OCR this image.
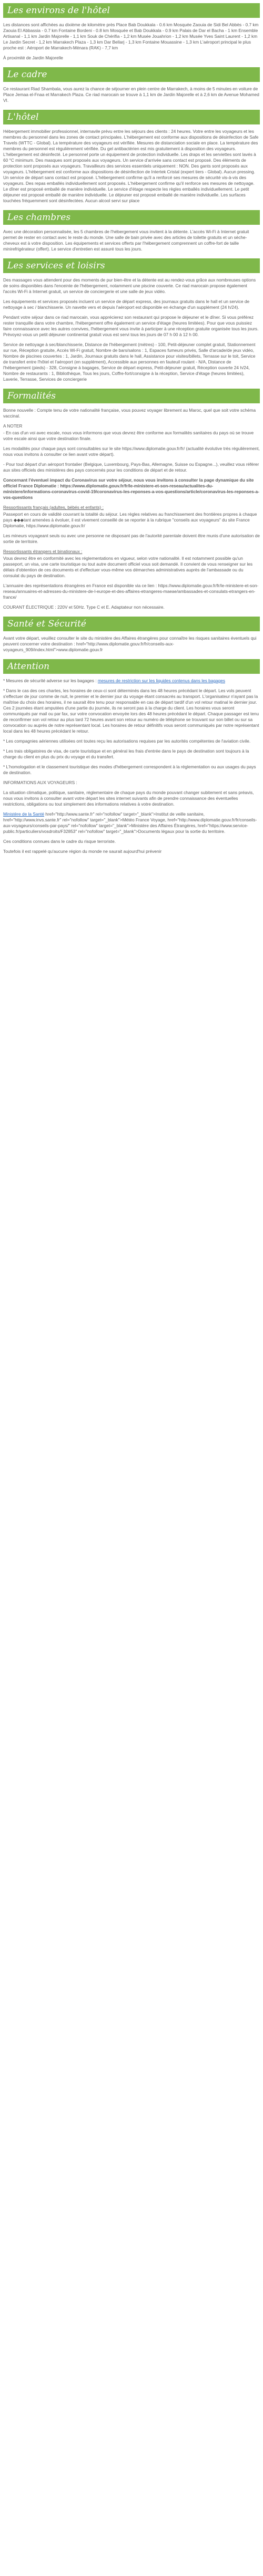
Les environs de l'hôtel

Les distances sont affichées au dixième de kilomètre près Place Bab Doukkala - 0.6 km Mosquée Zaouia de Sidi Bel Abbès - 0.7 km Zaouia El Abbassia - 0.7 km Fontaine Bordeni - 0.8 km Mosquée et Bab Doukkala - 0.9 km Palais de Dar el Bacha - 1 km Ensemble Artisanal - 1,1 km Jardin Majorelle - 1,1 km Souk de Chérifia - 1,2 km Musée Jouahrion - 1,2 km Musée Yves Saint Laurent - 1,2 km Le Jardin Secret - 1,2 km Marrakech Plaza - 1,3 km Dar Bellarj - 1,3 km Fontaine Mouassine - 1,3 km L'aéroport principal le plus proche est : Aéroport de Marrakech-Ménara (RAK) - 7,7 km

À proximité de Jardin Majorelle

Le cadre

Ce restaurant Riad Shambala, vous aurez la chance de séjourner en plein centre de Marrakech, à moins de 5 minutes en voiture de Place Jemaa el-Fnaa et Marrakech Plaza. Ce riad marocain se trouve à 1,1 km de Jardin Majorelle et à 2,6 km de Avenue Mohamed VI.

L'hôtel

Hébergement immobilier professionnel, internavile prévu entre les séjours des clients : 24 heures. Votre entre les voyageurs et les membres du personnel dans les zones de contact principales. L'hébergement est conforme aux dispositions de désinfection de Safe Travels (WTTC - Global). La température des voyageurs est vérifiée. Mesures de distanciation sociale en place. La température des membres du personnel est régulièrement vérifiée. Du gel antibactérien est mis gratuitement à disposition des voyageurs. L'hébergement est désinfecté. Le personnel porte un équipement de protection individuelle. Les draps et les serviettes sont lavés à 60 °C minimum. Des masques sont proposés aux voyageurs. Un service d'arrivée sans contact est proposé. Des éléments de protection sont proposés aux voyageurs. Travailleurs des services essentiels uniquement : NON. Des gants sont proposés aux voyageurs. L'hébergement est conforme aux dispositions de désinfection de Intertek Cristal (expert tiers - Global). Aucun pressing. Un service de départ sans contact est proposé. L'hébergement confirme qu'il a renforcé ses mesures de sécurité vis-à-vis des voyageurs. Des repas emballés individuellement sont proposés. L'hébergement confirme qu'il renforce ses mesures de nettoyage. Le dîner est proposé emballé de manière individuelle. Le service d'étage respecte les règles emballés individuellement. Le petit déjeuner est proposé emballé de manière individuelle. Le déjeuner est proposé emballé de manière individuelle. Les surfaces touchées fréquemment sont désinfectées. Aucun alcool servi sur place

Les chambres

Avec une décoration personnalisée, les 5 chambres de l'hébergement vous invitent à la détente. L'accès Wi-Fi à Internet gratuit permet de rester en contact avec le reste du monde. Une salle de bain privée avec des articles de toilette gratuits et un sèche-cheveux est à votre disposition. Les équipements et services offerts par l'hébergement comprennent un coffre-fort de taille minirefrigérateur (offert). Le service d'entretien est assuré tous les jours.

Les services et loisirs

Des massages vous attendent pour des moments de pur bien-être et la détente est au rendez-vous grâce aux nombreuses options de soins disponibles dans l'enceinte de l'hébergement, notamment une piscine couverte. Ce riad marocain propose également l'accès Wi-Fi à Internet gratuit, un service de conciergerie et une salle de jeux vidéo.

Les équipements et services proposés incluent un service de départ express, des journaux gratuits dans le hall et un service de nettoyage à sec / blanchisserie. Un navette vers et depuis l'aéroport est disponible en échange d'un supplément (24 h/24).

Pendant votre séjour dans ce riad marocain, vous apprécierez son restaurant qui propose le déjeuner et le dîner. Si vous préférez rester tranquille dans votre chambre, l'hébergement offre également un service d'étage (heures limitées). Pour que vous puissiez faire connaissance avec les autres convives, l'hébergement vous invite à participer à une réception gratuite organisée tous les jours. Prévoyez-vous un petit déjeuner continental gratuit vous est servi tous les jours de 07 h 00 à 12 h 00.

Service de nettoyage à sec/blanchisserie, Distance de l'hébergement (mètres) - 100, Petit-déjeuner complet gratuit, Stationnement sur rue, Réception gratuite, Accès Wi-Fi gratuit, Nombre de bars/salons : 1, Espaces fumeurs privés, Salle d'arcade/de jeux vidéo, Nombre de piscines couvertes : 1, Jardin, Journaux gratuits dans le hall, Assistance pour visites/billets, Terrasse sur le toit, Service de transfert entre l'hôtel et l'aéroport (en supplément), Accessible aux personnes en fauteuil roulant - N/A, Distance de l'hébergement (pieds) - 328, Consigne à bagages, Service de départ express, Petit-déjeuner gratuit, Réception ouverte 24 h/24, Nombre de restaurants : 1, Bibliothèque, Tous les jours, Coffre-fort/consigne à la réception, Service d'étage (heures limitées), Laverie, Terrasse, Services de conciergerie

Formalités

Bonne nouvelle : Compte tenu de votre nationalité française, vous pouvez voyager librement au Maroc, quel que soit votre schéma vaccinal.

A NOTER

- En cas d'un voi avec escale, nous vous informons que vous devrez être conforme aux formalités sanitaires du pays où se trouve votre escale ainsi que votre destination finale.

Les modalités pour chaque pays sont consultables sur le site https://www.diplomatie.gouv.fr/fr/ (actualité évolutive très régulièrement, nous vous invitons à consulter ce lien avant votre départ).

- Pour tout départ d'un aéroport frontalier (Belgique, Luxembourg, Pays-Bas, Allemagne, Suisse ou Espagne...), veuillez vous référer aux sites officiels des ministères des pays concernés pour les conditions de départ et de retour.

Concernant l'éventuel impact du Coronavirus sur votre séjour, nous vous invitons à consulter la page dynamique du site officiel France Diplomatie : https://www.diplomatie.gouv.fr/fr/le-ministere-et-son-reseau/actualites-du-ministere/informations-coronavirus-covid-19/coronavirus-les-reponses-a-vos-questions/article/coronavirus-les-reponses-a-vos-questions

Ressortissants français (adultes, bébés et enfants) :

Passeport en cours de validité couvrant la totalité du séjour. Les règles relatives au franchissement des frontières propres à chaque pays ◆◆◆tant amenées à évoluer, il est vivement conseillé de se reporter à la rubrique "conseils aux voyageurs" du site France Diplomatie, https://www.diplomatie.gouv.fr/

Les mineurs voyageant seuls ou avec une personne ne disposant pas de l'autorité parentale doivent être munis d'une autorisation de sortie de territoire.

Ressortissants étrangers et binationaux :

Vous devrez être en conformité avec les réglementations en vigueur, selon votre nationalité. Il est notamment possible qu'un passeport, un visa, une carte touristique ou tout autre document officiel vous soit demandé. Il convient de vous renseigner sur les délais d'obtention de ces documents et d'effectuer vous-même vos démarches administratives auprès de l'ambassade ou du consulat du pays de destination.

L'annuaire des représentations étrangères en France est disponible via ce lien : https://www.diplomatie.gouv.fr/fr/le-ministere-et-son-reseau/annuaires-et-adresses-du-ministere-de-l-europe-et-des-affaires-etrangeres-maeae/ambassades-et-consulats-etrangers-en-france/

COURANT ÉLECTRIQUE : 220V et 50Hz. Type C et E. Adaptateur non nécessaire.

Santé et Sécurité

Avant votre départ, veuillez consulter le site du ministère des Affaires étrangères pour connaître les risques sanitaires éventuels qui peuvent concerner votre destination : href="http://www.diplomatie.gouv.fr/fr/conseils-aux-voyageurs_909/index.html">www.diplomatie.gouv.fr

Attention

* Mesures de sécurité adverse sur les bagages : mesures de restriction sur les liquides contenus dans les bagages

* Dans le cas des ces chartes, les horaires de ceux-ci sont déterminés dans les 48 heures précédant le départ. Les vols peuvent s'effectuer de jour comme de nuit, le premier et le dernier jour du voyage étant consacrés au transport. L'organisateur n'ayant pas la maîtrise du choix des horaires, il ne saurait être tenu pour responsable en cas de départ tardif d'un vol retour matinal le dernier jour. Ces 2 journées étant amputées d'une partie du journée, ils ne seront pas à la charge du client. Les horaires vous seront communiqués par mail ou par fax, sur votre convocation envoyée lors des 48 heures précédant le départ. Chaque passager est tenu de reconfirmer son vol retour au plus tard 72 heures avant son retour au numéro de téléphone se trouvant sur son billet ou sur sa convocation ou auprès de notre représentant local. Les horaires de retour définitifs vous seront communiqués par notre représentant local dans les 48 heures précédant le retour.

* Les compagnies aériennes utilisées ont toutes reçu les autorisations requises par les autorités compétentes de l'aviation civile.

* Les trais obligatoires de visa, de carte touristique et en général les frais d'entrée dans le pays de destination sont toujours à la charge du client en plus du prix du voyage et du transfert.

* L'homologation et le classement touristique des modes d'hébergement correspondent à la réglementation ou aux usages du pays de destination.

INFORMATIONS AUX VOYAGEURS :

La situation climatique, politique, sanitaire, réglementaire de chaque pays du monde pouvant changer subitement et sans préavis, nous vous invitons à consulter avant votre départ les sites internet suivants afin de prendre connaissance des éventuelles restrictions, obligations ou tout simplement des informations relatives à votre destination.

Ministère de la Santé href="http://www.sante.fr" rel="nofollow" target="_blank">Institut de veille sanitaire, href="http://www.invs.sante.fr" rel="nofollow" target="_blank">Météo France Voyage, href="http://www.diplomatie.gouv.fr/fr/conseils-aux-voyageurs/conseils-par-pays/" rel="nofollow" target="_blank">Ministère des Affaires Étrangères, href="https://www.service-public.fr/particuliers/vosdroits/F32853" rel="nofollow" target="_blank">Documents légaux pour la sortie du territoire.

Ces conditions connues dans le cadre du risque terroriste.

Toutefois il est rappelé qu'aucune région du monde ne saurait aujourd'hui prévenir
